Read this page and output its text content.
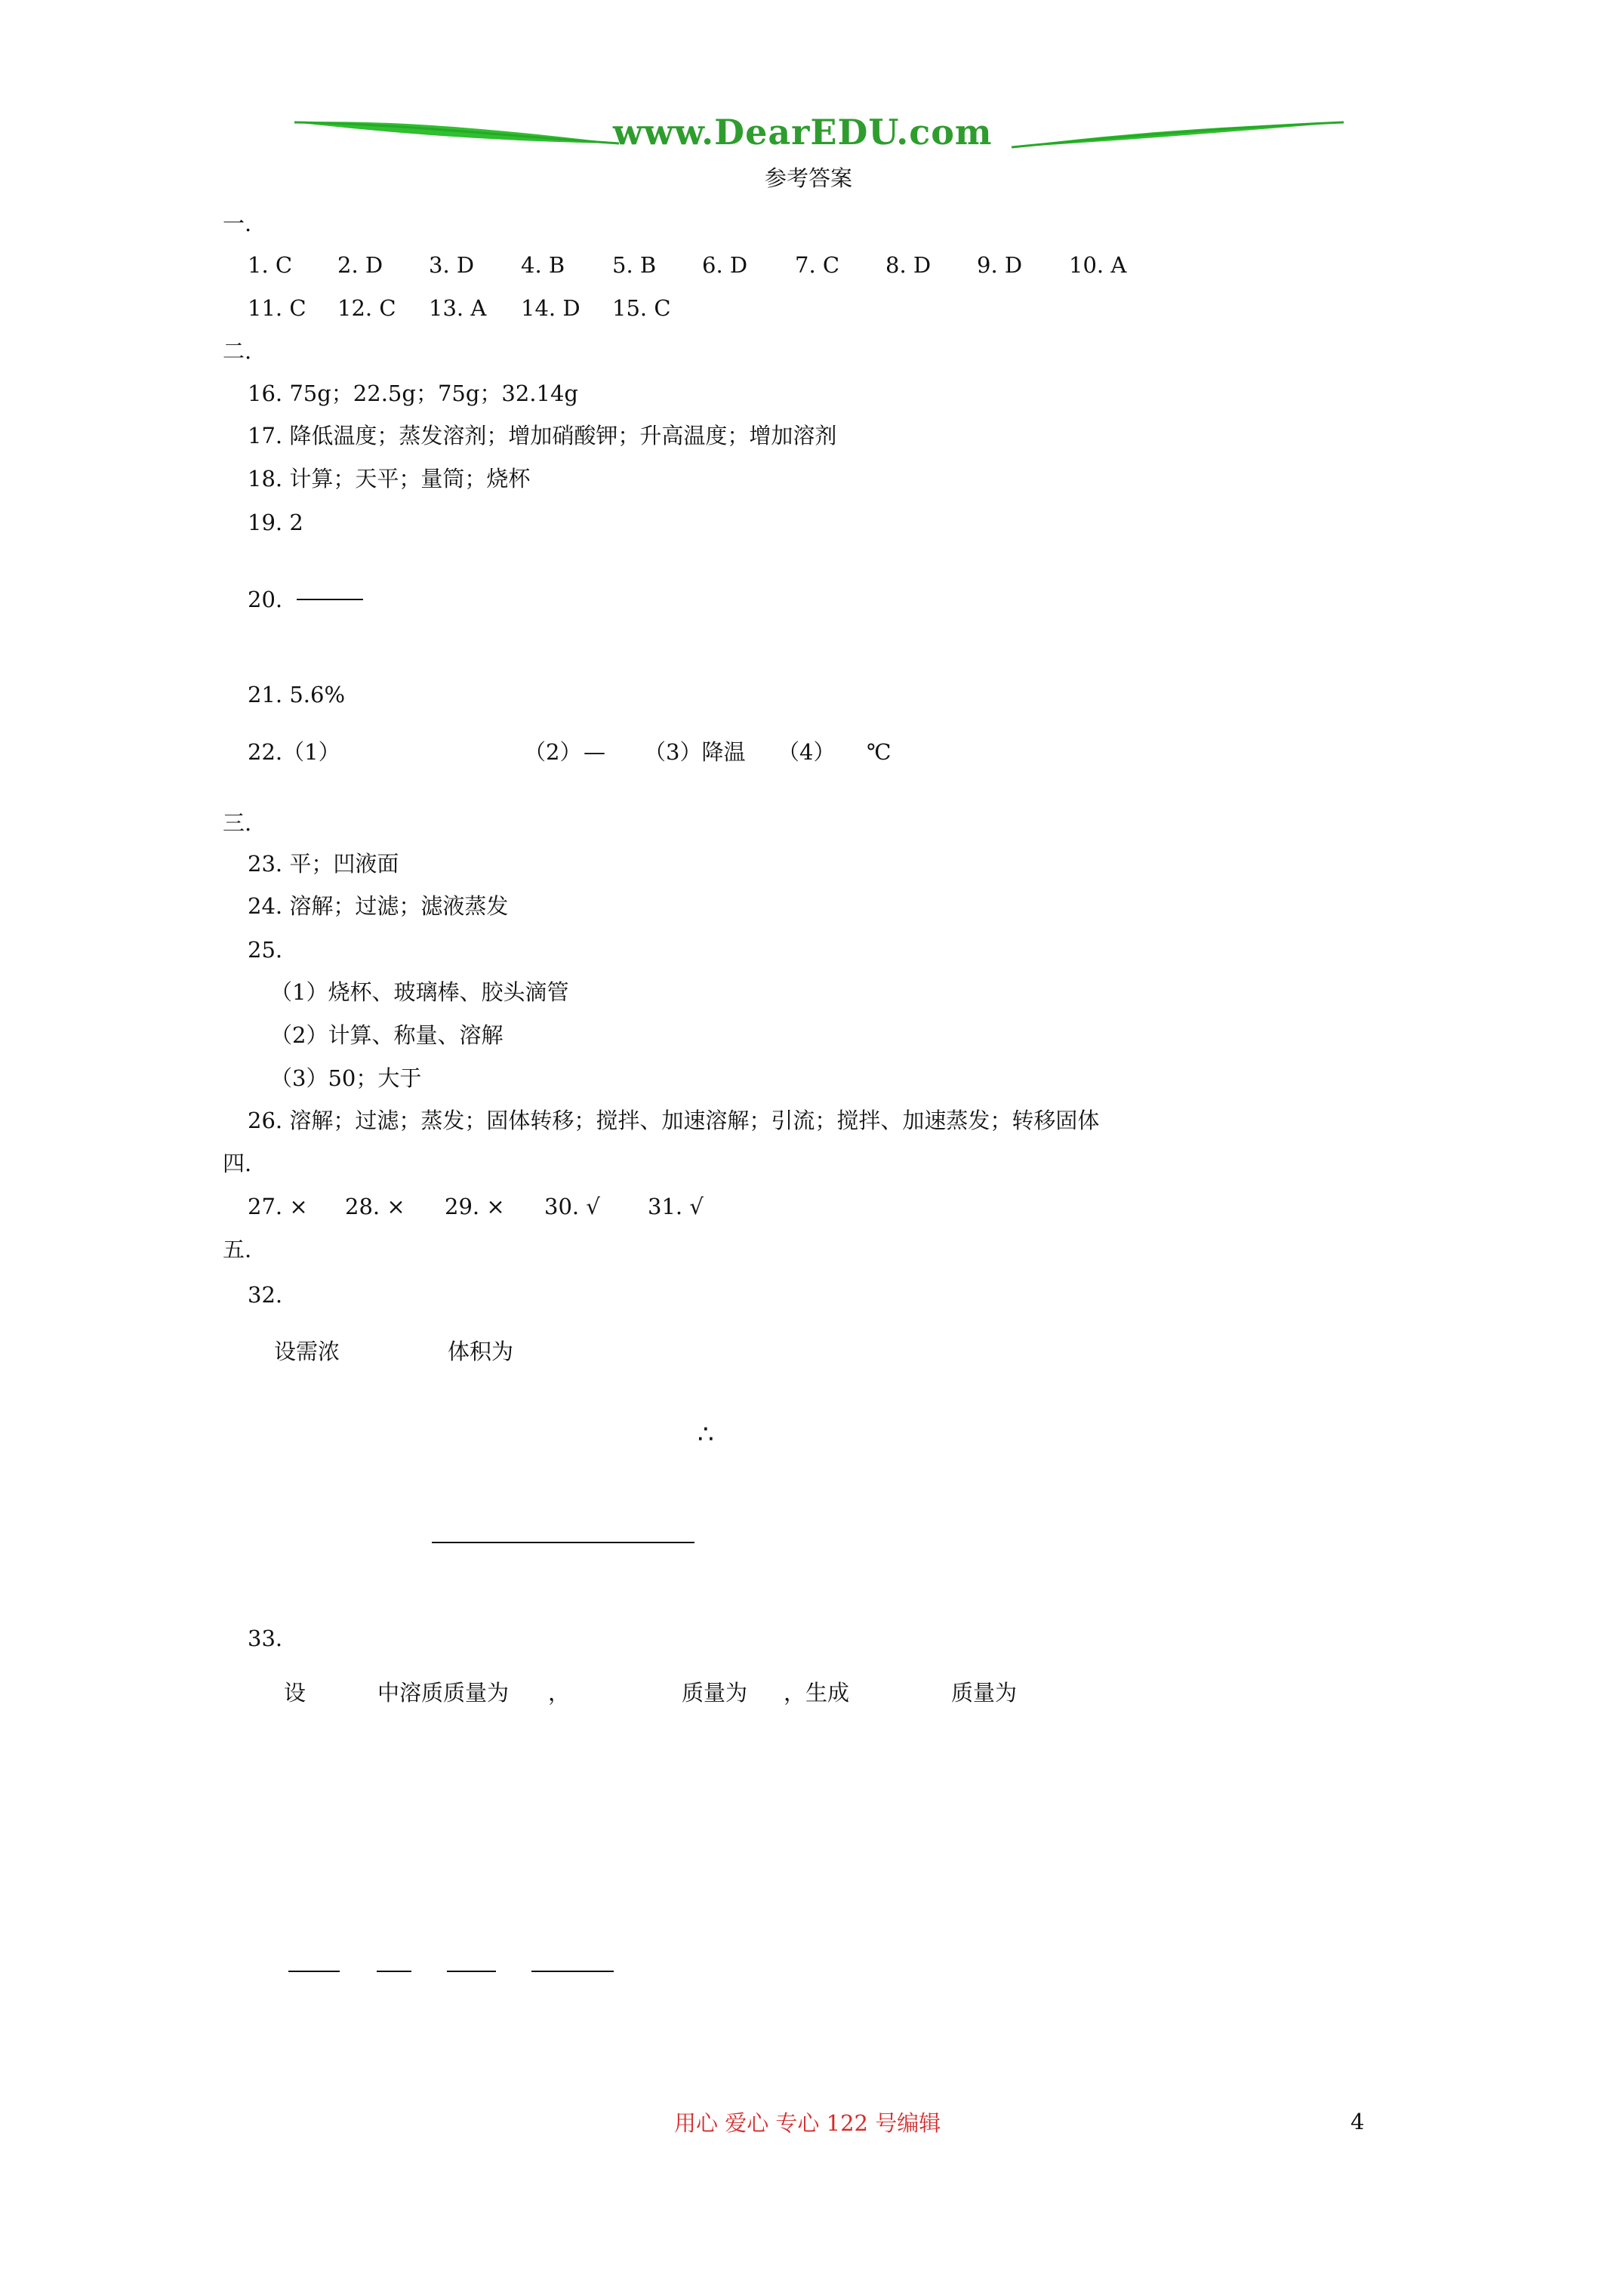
www.DearEDU.com
参考答案
一.
1. C 2. D 3. D 4. B 5. B 6. D 7. C 8. D 9. D 10. A
11. C 12. C 13. A 14. D 15. C
二.
16. 75g；22.5g；75g；32.14g
17. 降低温度；蒸发溶剂；增加硝酸钾；升高温度；增加溶剂
18. 计算；天平；量筒；烧杯
19. 2
20.
21. 5.6%
22.（1）	（2） — （3）降温 （4） ℃
三.
23. 平；凹液面
24. 溶解；过滤；滤液蒸发
25.
（1）烧杯、玻璃棒、胶头滴管
（2）计算、称量、溶解
（3）50；大于
26. 溶解；过滤；蒸发；固体转移；搅拌、加速溶解；引流；搅拌、加速蒸发；转移固体
四.
27. × 28. × 29. × 30. √ 31. √
五.
32.
设需浓	体积为
∴
33.
设	中溶质质量为 ，	质量为 ，生成	质量为
用心 爱心 专心 122 号编辑	4
